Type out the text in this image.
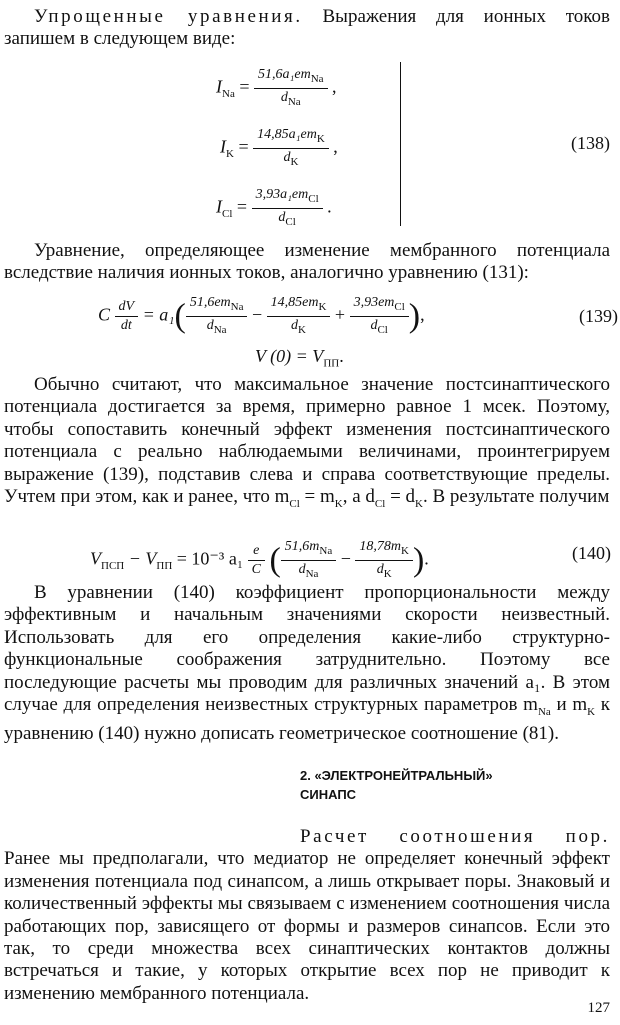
Упрощенные уравнения. Выражения для ионных токов запишем в следующем виде:

$I_{Na} = \frac{51,6a_1em_{Na}}{d_{Na}}$ ,
$I_K = \frac{14,85a_1em_K}{d_K}$ ,
$I_{Cl} = \frac{3,93a_1em_{Cl}}{d_{Cl}}$ .
(138)

Уравнение, определяющее изменение мембранного потенциала вследствие наличия ионных токов, аналогично уравнению (131):

C $\frac{dV}{dt} = a_1( \frac{51,6em_{Na}}{d_{Na}} - \frac{14,85em_K}{d_K} + \frac{3,93em_{Cl}}{d_{Cl}}$ ),	(139)
V $(0) = V_{ПП}$.

Обычно считают, что максимальное значение постсинаптического потенциала достигается за время, примерно равное 1 мсек. Поэтому, чтобы сопоставить конечный эффект изменения постсинаптического потенциала с реально наблюдаемыми величинами, проинтегрируем выражение (139), подставив слева и справа соответствующие пределы. Учтем при этом, как и ранее, что $m_{Cl} = m_K$, а $d_{Cl} = d_K$. В результате получим

$V_{ПСП} - V_{ПП} = 10^{-3}$ $a_1 \frac{e}{C}$ ( $\frac{51,6m_{Na}}{d_{Na}} - \frac{18,78m_K}{d_K}$ ).	(140)

В уравнении (140) коэффициент пропорциональности между эффективным и начальным значениями скорости неизвестный. Использовать для его определения какие-либо структурно-функциональные соображения затруднительно. Поэтому все последующие расчеты мы проводим для различных значений a₁. В этом случае для определения неизвестных структурных параметров $m_{Na}$ и $m_K$ к уравнению (140) нужно дописать геометрическое соотношение (81).

2. «ЭЛЕКТРОНЕЙТРАЛЬНЫЙ»
СИНАПС

Расчет соотношения пор. Ранее мы предполагали, что медиатор не определяет конечный эффект изменения потенциала под синапсом, а лишь открывает поры. Знаковый и количественный эффекты мы связываем с изменением соотношения числа работающих пор, зависящего от формы и размеров синапсов. Если это так, то среди множества всех синаптических контактов должны встречаться и такие, у которых открытие всех пор не приводит к изменению мембранного потенциала.

127
